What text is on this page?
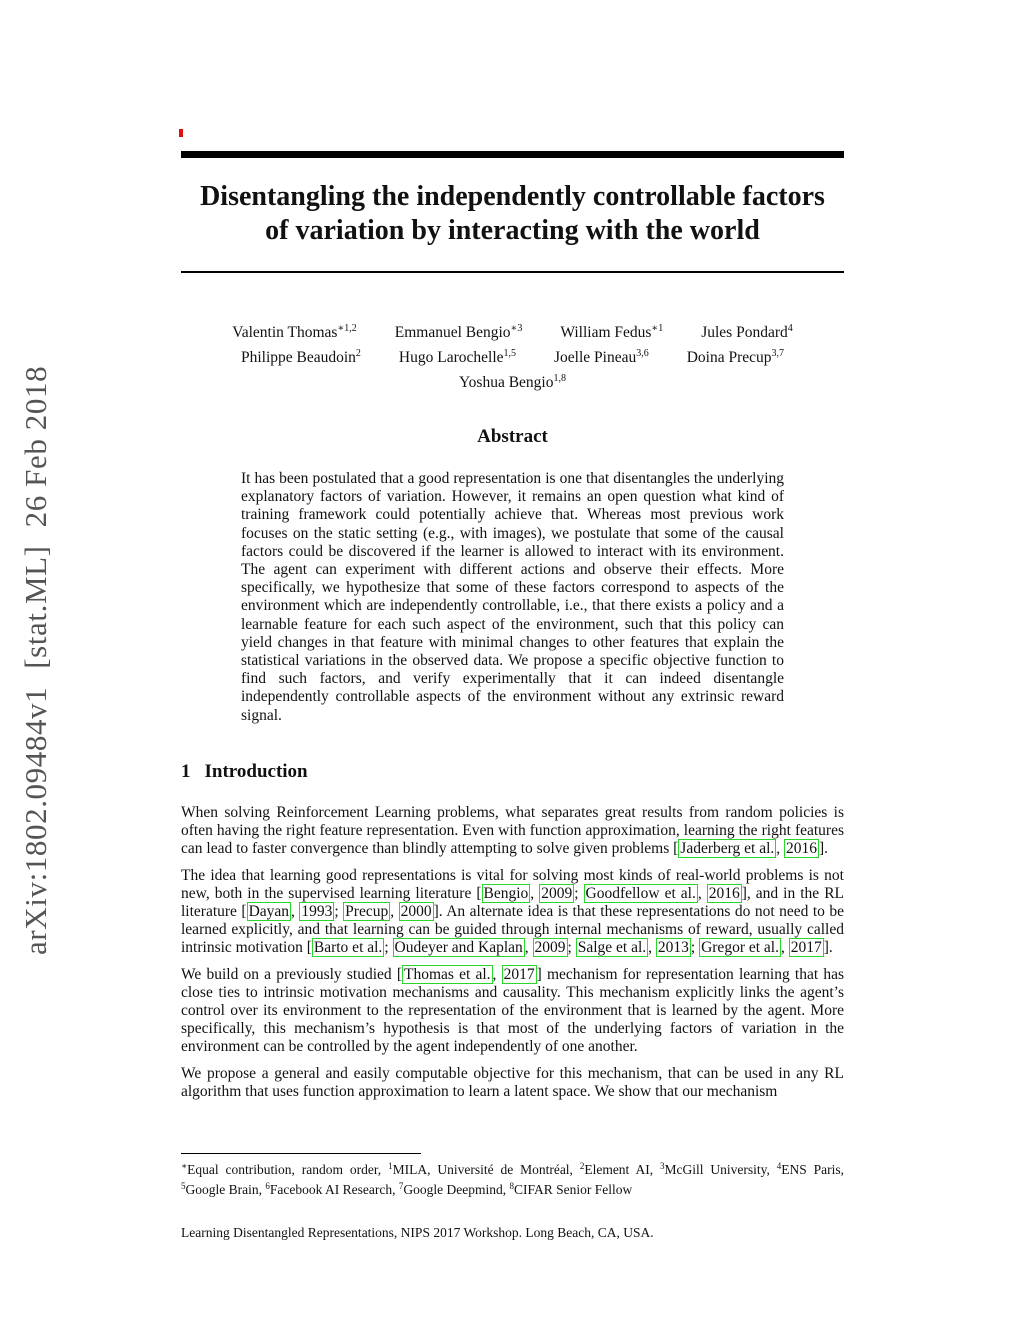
arXiv:1802.09484v1
[stat.ML]
26 Feb 2018
Disentangling the independently controllable factors
of variation by interacting with the world
Valentin Thomas$^{∗1,2}$ Emmanuel Bengio$^{∗3}$ William Fedus$^{∗1}$ Jules Pondard$^4$
Philippe Beaudoin$^2$ Hugo Larochelle$^{1,5}$ Joelle Pineau$^{3,6}$ Doina Precup$^{3,7}$
Yoshua Bengio$^{1,8}$
Abstract
It has been postulated that a good representation is one that disentangles the underlying explanatory factors of variation. However, it remains an open question what kind of training framework could potentially achieve that. Whereas most previous work focuses on the static setting (e.g., with images), we postulate that some of the causal factors could be discovered if the learner is allowed to interact with its environment. The agent can experiment with different actions and observe their effects. More specifically, we hypothesize that some of these factors correspond to aspects of the environment which are independently controllable, i.e., that there exists a policy and a learnable feature for each such aspect of the environment, such that this policy can yield changes in that feature with minimal changes to other features that explain the statistical variations in the observed data. We propose a specific objective function to find such factors, and verify experimentally that it can indeed disentangle independently controllable aspects of the environment without any extrinsic reward signal.
1 Introduction

When solving Reinforcement Learning problems, what separates great results from random policies is often having the right feature representation. Even with function approximation, learning the right features can lead to faster convergence than blindly attempting to solve given problems [ Jaderberg et al. , 2016 ].

The idea that learning good representations is vital for solving most kinds of real-world problems is not new, both in the supervised learning literature [ Bengio , 2009 ; Goodfellow et al. , 2016 ], and in the RL literature [ Dayan , 1993 ; Precup , 2000 ]. An alternate idea is that these representations do not need to be learned explicitly, and that learning can be guided through internal mechanisms of reward, usually called intrinsic motivation [ Barto et al. ; Oudeyer and Kaplan , 2009 ; Salge et al. , 2013 ; Gregor et al. , 2017 ].

We build on a previously studied [ Thomas et al. , 2017 ] mechanism for representation learning that has close ties to intrinsic motivation mechanisms and causality. This mechanism explicitly links the agent’s control over its environment to the representation of the environment that is learned by the agent. More specifically, this mechanism’s hypothesis is that most of the underlying factors of variation in the environment can be controlled by the agent independently of one another.

We propose a general and easily computable objective for this mechanism, that can be used in any RL algorithm that uses function approximation to learn a latent space. We show that our mechanism

∗Equal contribution, random order, $^1$MILA, Université de Montréal, $^2$Element AI, $^3$McGill University, $^4$ENS Paris, $^5$Google Brain, $^6$Facebook AI Research, $^7$Google Deepmind, $^8$CIFAR Senior Fellow
Learning Disentangled Representations, NIPS 2017 Workshop. Long Beach, CA, USA.
